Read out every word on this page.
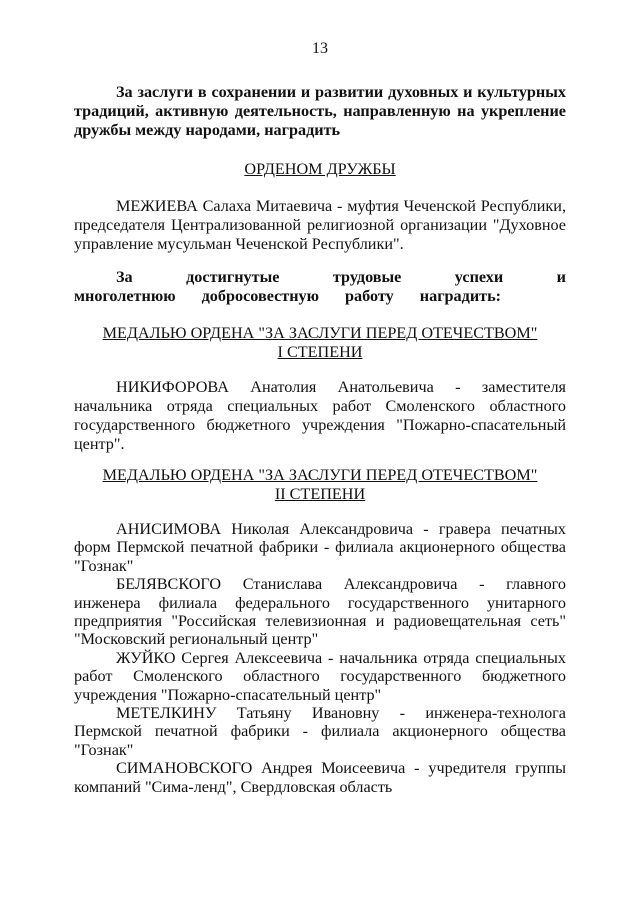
13

За заслуги в сохранении и развитии духовных и культурных традиций, активную деятельность, направленную на укрепление дружбы между народами, наградить

ОРДЕНОМ ДРУЖБЫ

МЕЖИЕВА Салаха Митаевича - муфтия Чеченской Республики, председателя Централизованной религиозной организации "Духовное управление мусульман Чеченской Республики".

За достигнутые трудовые успехи и многолетнюю добросовестную работу наградить:

МЕДАЛЬЮ ОРДЕНА "ЗА ЗАСЛУГИ ПЕРЕД ОТЕЧЕСТВОМ"
I СТЕПЕНИ

НИКИФОРОВА Анатолия Анатольевича - заместителя начальника отряда специальных работ Смоленского областного государственного бюджетного учреждения "Пожарно-спасательный центр".

МЕДАЛЬЮ ОРДЕНА "ЗА ЗАСЛУГИ ПЕРЕД ОТЕЧЕСТВОМ"
II СТЕПЕНИ

АНИСИМОВА Николая Александровича - гравера печатных форм Пермской печатной фабрики - филиала акционерного общества "Гознак"

БЕЛЯВСКОГО Станислава Александровича - главного инженера филиала федерального государственного унитарного предприятия "Российская телевизионная и радиовещательная сеть" "Московский региональный центр"

ЖУЙКО Сергея Алексеевича - начальника отряда специальных работ Смоленского областного государственного бюджетного учреждения "Пожарно-спасательный центр"

МЕТЕЛКИНУ Татьяну Ивановну - инженера-технолога Пермской печатной фабрики - филиала акционерного общества "Гознак"

СИМАНОВСКОГО Андрея Моисеевича - учредителя группы компаний "Сима-ленд", Свердловская область
